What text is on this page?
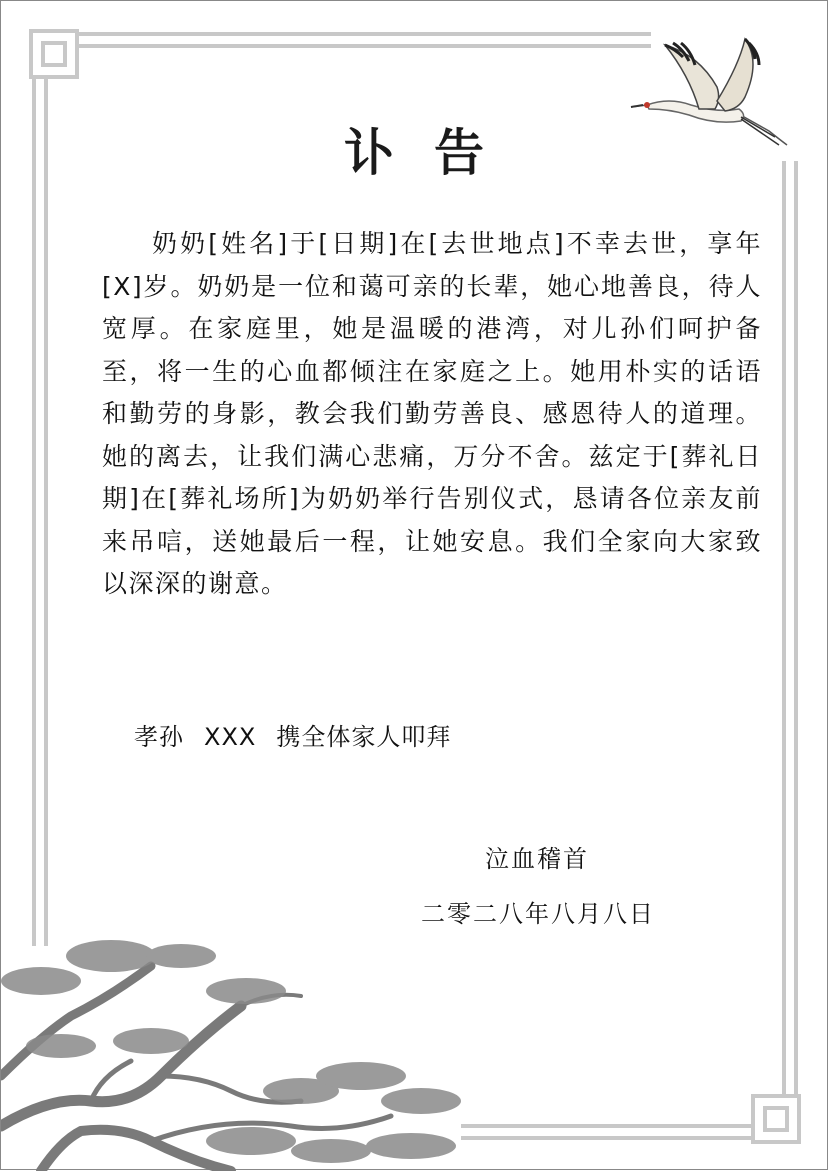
讣告
奶奶[姓名]于[日期]在[去世地点]不幸去世，享年[X]岁。奶奶是一位和蔼可亲的长辈，她心地善良，待人宽厚。在家庭里，她是温暖的港湾，对儿孙们呵护备至，将一生的心血都倾注在家庭之上。她用朴实的话语和勤劳的身影，教会我们勤劳善良、感恩待人的道理。她的离去，让我们满心悲痛，万分不舍。兹定于[葬礼日期]在[葬礼场所]为奶奶举行告别仪式，恳请各位亲友前来吊唁，送她最后一程，让她安息。我们全家向大家致以深深的谢意。
孝孙 XXX 携全体家人叩拜
泣血稽首
二零二八年八月八日
